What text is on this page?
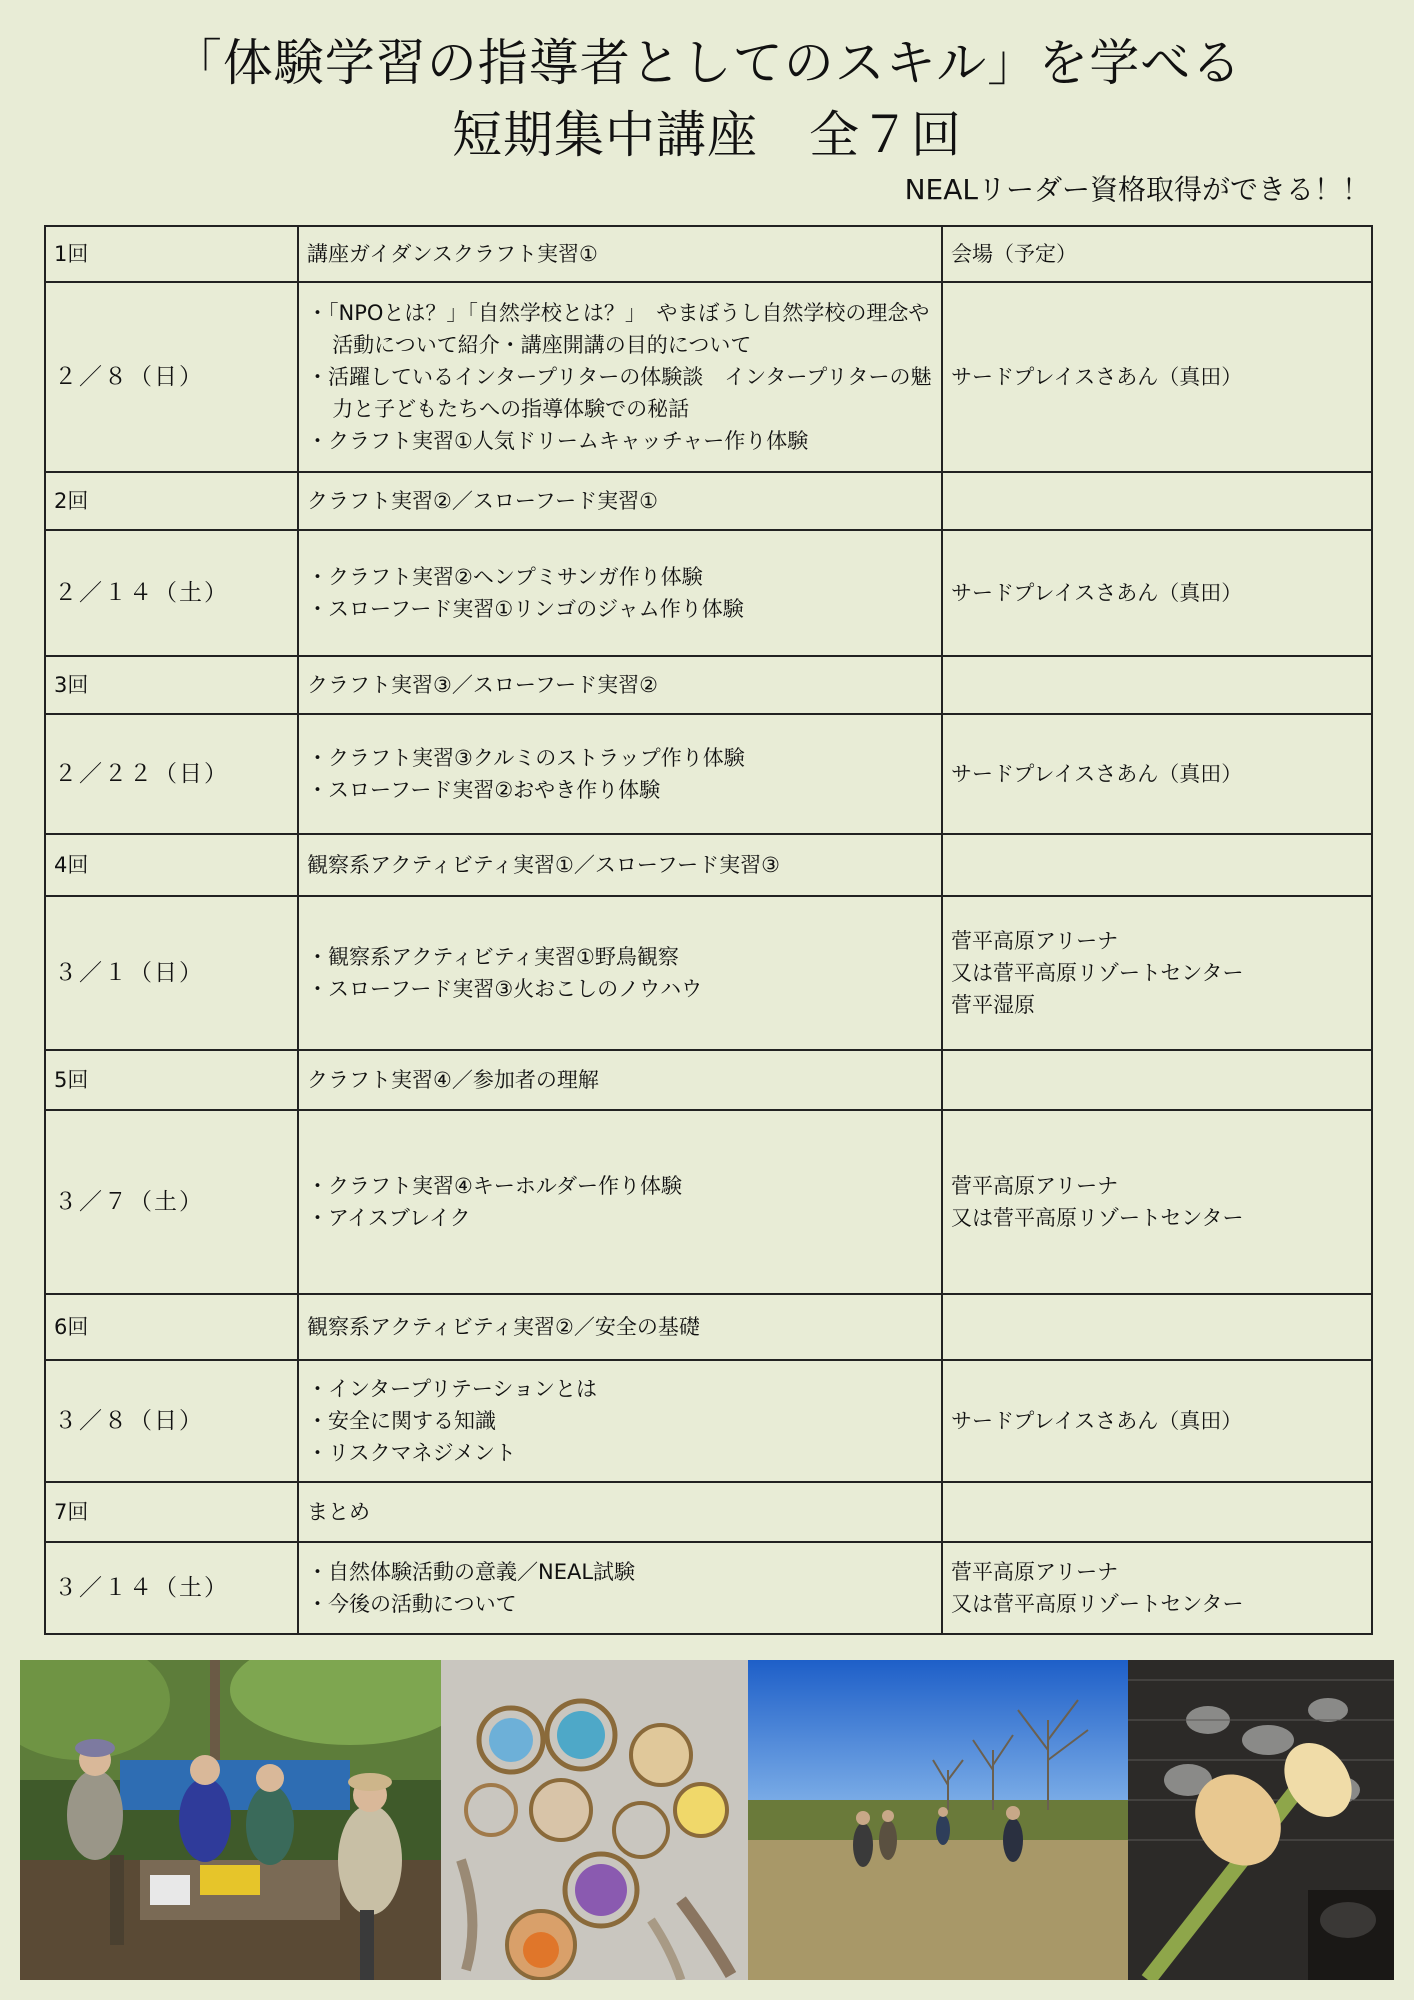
「体験学習の指導者としてのスキル」を学べる
短期集中講座　全７回
NEALリーダー資格取得ができる！！
1回	講座ガイダンスクラフト実習①	会場（予定）
２／８（日）	・「NPOとは？」「自然学校とは？」　やまぼうし自然学校の理念や活動について紹介・講座開講の目的について
・活躍しているインタープリターの体験談　インタープリターの魅力と子どもたちへの指導体験での秘話
・クラフト実習①人気ドリームキャッチャー作り体験	サードプレイスさあん（真田）

2回	クラフト実習②／スローフード実習①	
２／１４（土）	・クラフト実習②ヘンプミサンガ作り体験
・スローフード実習①リンゴのジャム作り体験	サードプレイスさあん（真田）

3回	クラフト実習③／スローフード実習②	
２／２２（日）	・クラフト実習③クルミのストラップ作り体験
・スローフード実習②おやき作り体験	サードプレイスさあん（真田）

4回	観察系アクティビティ実習①／スローフード実習③	
３／１（日）	・観察系アクティビティ実習①野鳥観察
・スローフード実習③火おこしのノウハウ	菅平高原アリーナ
又は菅平高原リゾートセンター
菅平湿原

5回	クラフト実習④／参加者の理解	
３／７（土）	・クラフト実習④キーホルダー作り体験
・アイスブレイク	菅平高原アリーナ
又は菅平高原リゾートセンター

6回	観察系アクティビティ実習②／安全の基礎	
３／８（日）	・インタープリテーションとは
・安全に関する知識
・リスクマネジメント	サードプレイスさあん（真田）

7回	まとめ	
３／１４（土）	・自然体験活動の意義／NEAL試験
・今後の活動について	菅平高原アリーナ
又は菅平高原リゾートセンター
